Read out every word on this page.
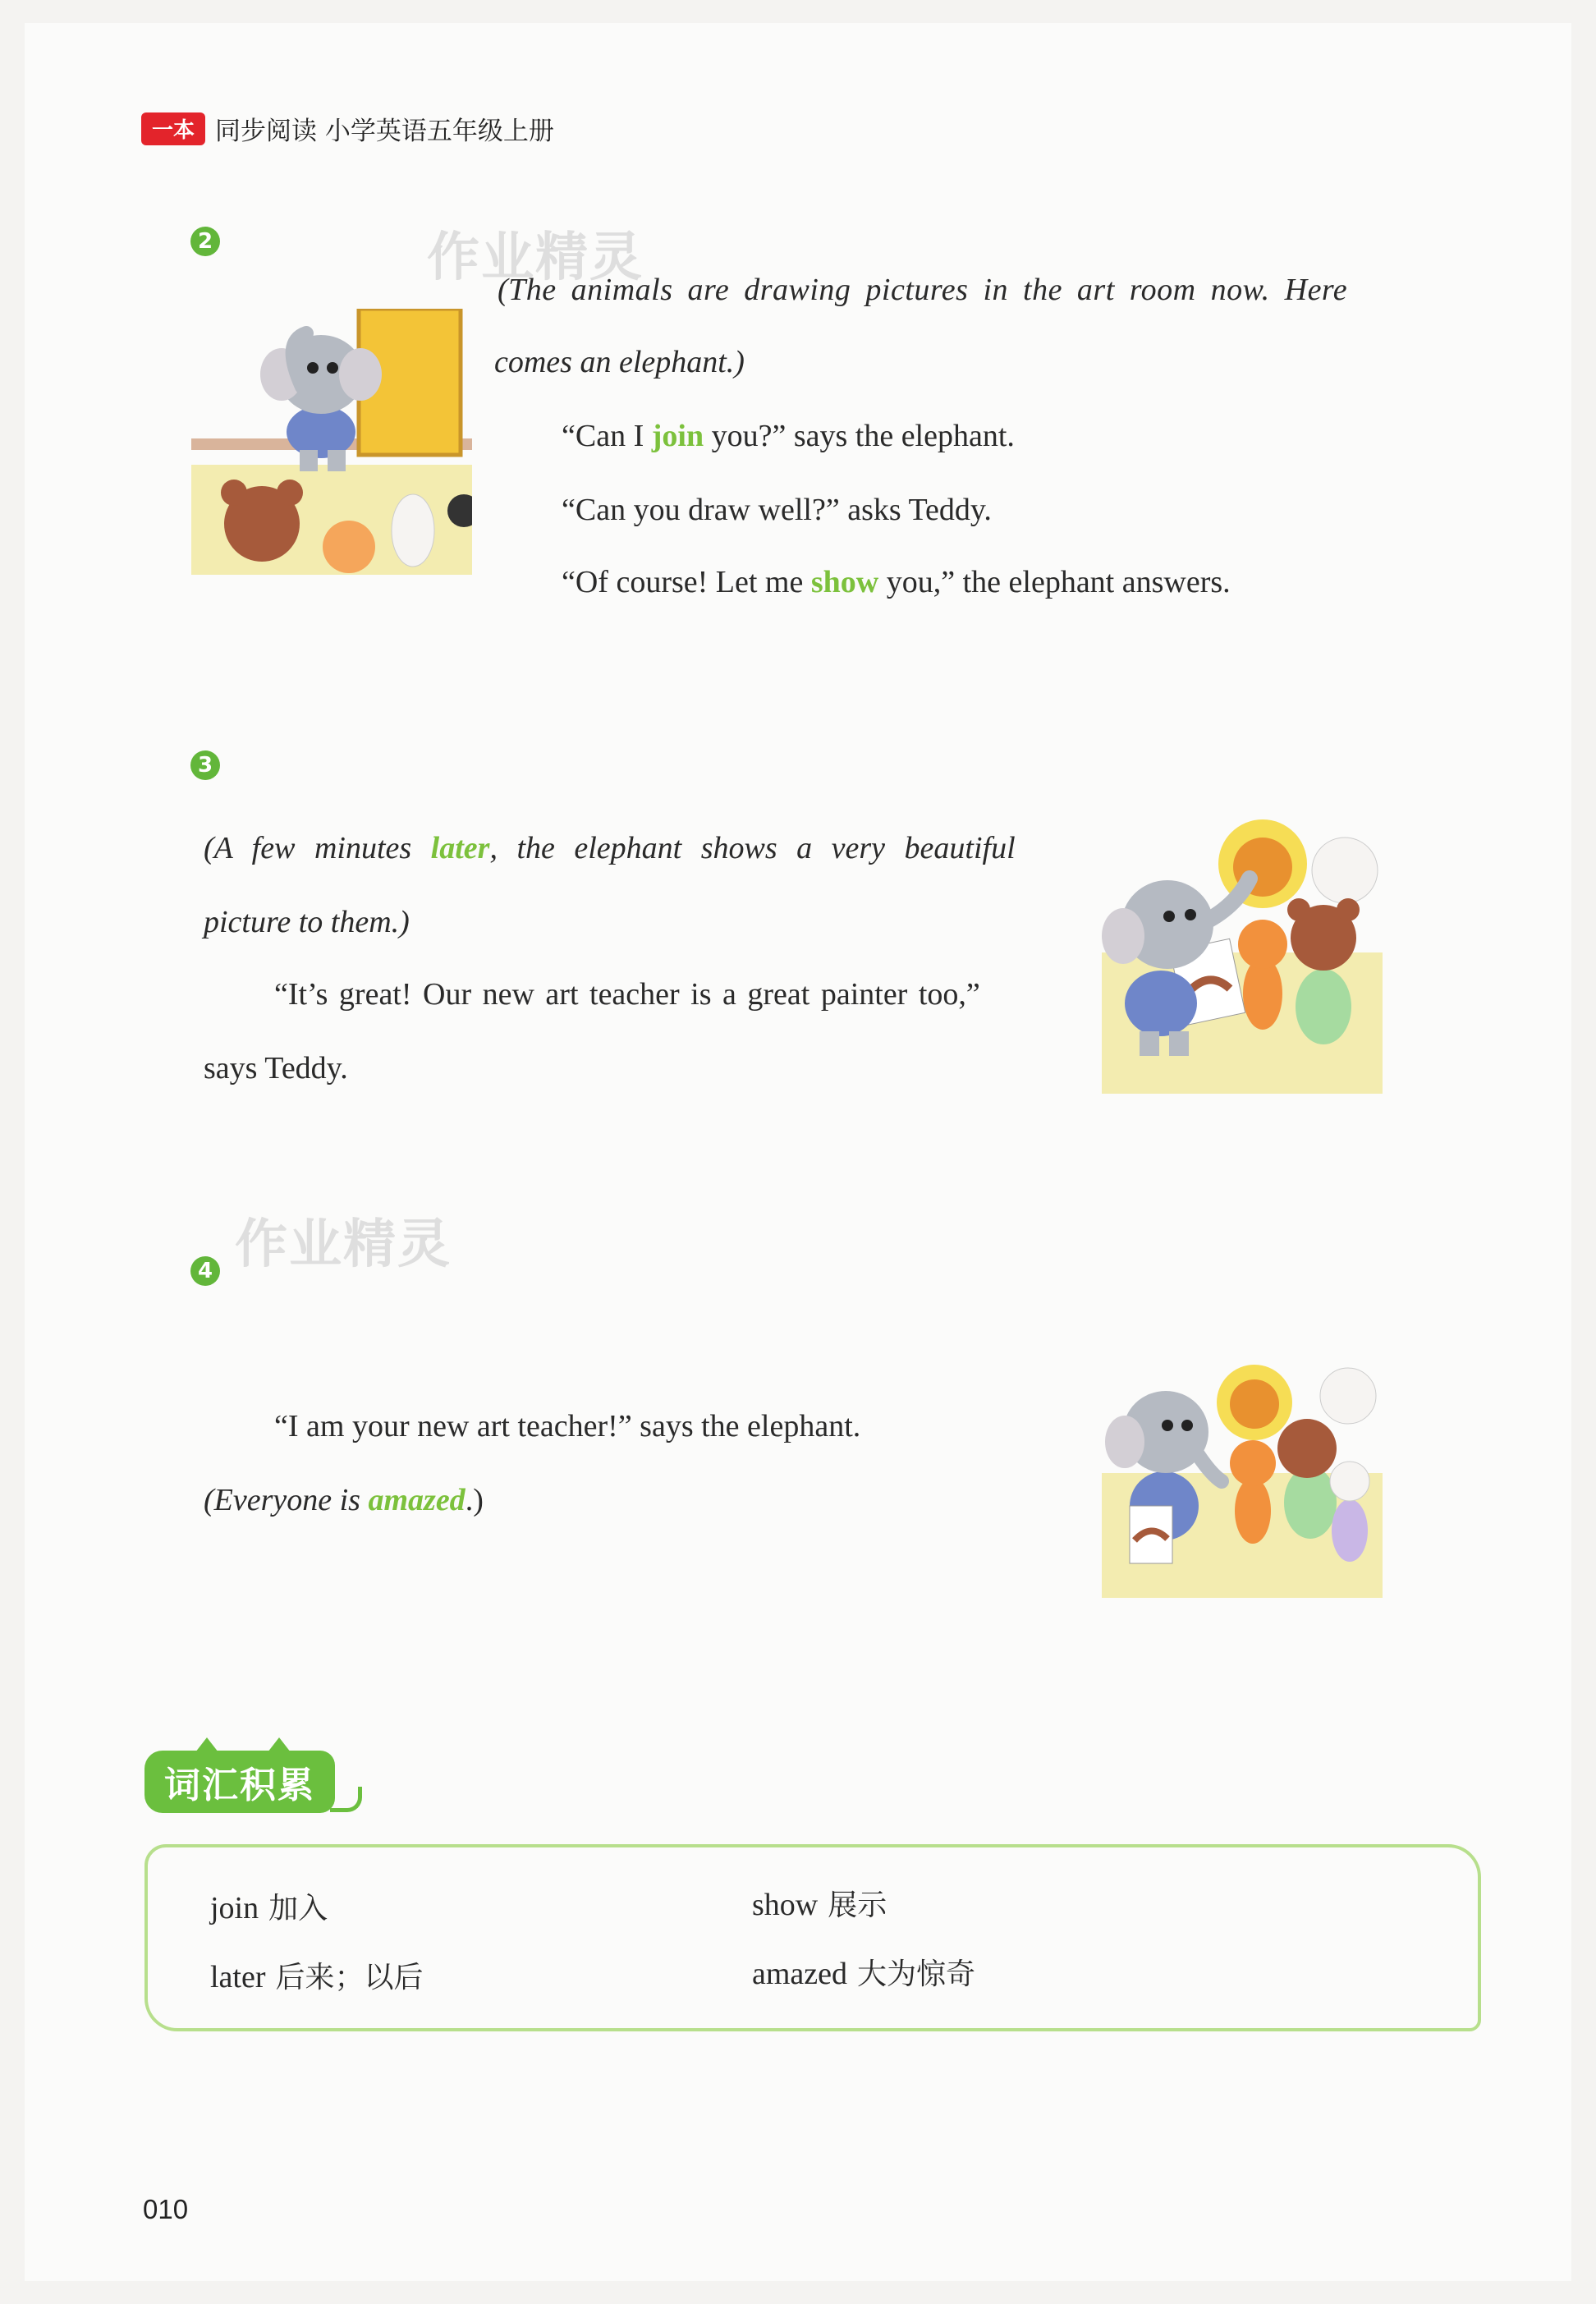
一本 同步阅读 小学英语五年级上册
2	作业精灵
(The animals are drawing pictures in the art room now. Here
comes an elephant.)
“Can I join you?” says the elephant.
“Can you draw well?” asks Teddy.
“Of course! Let me show you,” the elephant answers.
3
(A few minutes later, the elephant shows a very beautiful
picture to them.)
“It’s great! Our new art teacher is a great painter too,”
says Teddy.
作业精灵
4
“I am your new art teacher!” says the elephant.
(Everyone is amazed.)
词汇积累
join 加入	show 展示
later 后来；以后	amazed 大为惊奇
010
